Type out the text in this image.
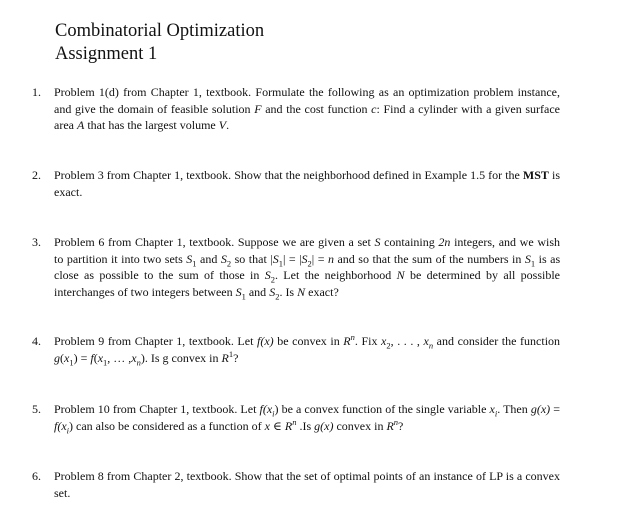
Combinatorial Optimization
Assignment 1
1. Problem 1(d) from Chapter 1, textbook. Formulate the following as an optimization problem instance, and give the domain of feasible solution F and the cost function c: Find a cylinder with a given surface area A that has the largest volume V.
2. Problem 3 from Chapter 1, textbook. Show that the neighborhood defined in Example 1.5 for the MST is exact.
3. Problem 6 from Chapter 1, textbook. Suppose we are given a set S containing 2n integers, and we wish to partition it into two sets $S_1$ and $S_2$ so that $|S_1| = |S_2| = n$ and so that the sum of the numbers in $S_1$ is as close as possible to the sum of those in $S_2$. Let the neighborhood N be determined by all possible interchanges of two integers between $S_1$ and $S_2$. Is N exact?
4. Problem 9 from Chapter 1, textbook. Let f(x) be convex in $R^n$. Fix $x_2$, . . . , $x_n$ and consider the function $g(x_1) = f(x_1$, … $,x_n$). Is g convex in $R^1$?
5. Problem 10 from Chapter 1, textbook. Let $f(x_i)$ be a convex function of the single variable $x_i$. Then $g(x) = f(x_i)$ can also be considered as a function of x ∈ $R^n$ .Is g(x) convex in $R^n$?
6. Problem 8 from Chapter 2, textbook. Show that the set of optimal points of an instance of LP is a convex set.
